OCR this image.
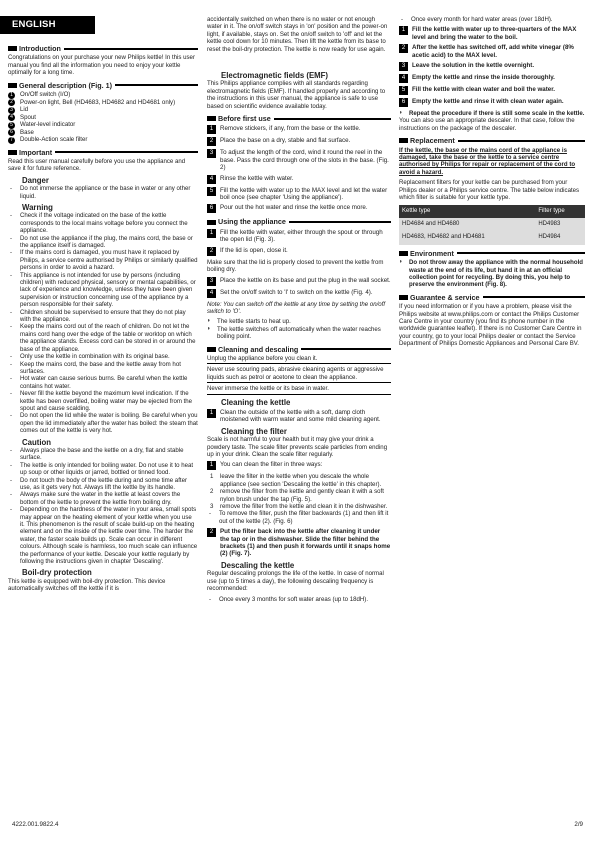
ENGLISH
Introduction

Congratulations on your purchase your new Philips kettle! In this user manual you find all the information you need to enjoy your kettle optimally for a long time.

General description (Fig. 1)
1	On/Off switch (I/O)
2	Power-on light, Bell (HD4683, HD4682 and HD4681 only)
3	Lid
4	Spout
5	Water-level indicator
6	Base
7	Double-Action scale filter
Important

Read this user manual carefully before you use the appliance and save it for future reference.

Danger
-	Do not immerse the appliance or the base in water or any other liquid.
Warning
-	Check if the voltage indicated on the base of the kettle corresponds to the local mains voltage before you connect the appliance.
-	Do not use the appliance if the plug, the mains cord, the base or the appliance itself is damaged.
-	If the mains cord is damaged, you must have it replaced by Philips, a service centre authorised by Philips or similarly qualified persons in order to avoid a hazard.
-	This appliance is not intended for use by persons (including children) with reduced physical, sensory or mental capabilities, or lack of experience and knowledge, unless they have been given supervision or instruction concerning use of the appliance by a person responsible for their safety.
-	Children should be supervised to ensure that they do not play with the appliance.
-	Keep the mains cord out of the reach of children. Do not let the mains cord hang over the edge of the table or worktop on which the appliance stands. Excess cord can be stored in or around the base of the appliance.
-	Only use the kettle in combination with its original base.
-	Keep the mains cord, the base and the kettle away from hot surfaces.
-	Hot water can cause serious burns. Be careful when the kettle contains hot water.
-	Never fill the kettle beyond the maximum level indication. If the kettle has been overfilled, boiling water may be ejected from the spout and cause scalding.
-	Do not open the lid while the water is boiling. Be careful when you open the lid immediately after the water has boiled: the steam that comes out of the kettle is very hot.
Caution
-	Always place the base and the kettle on a dry, flat and stable surface.
-	The kettle is only intended for boiling water. Do not use it to heat up soup or other liquids or jarred, bottled or tinned food.
-	Do not touch the body of the kettle during and some time after use, as it gets very hot. Always lift the kettle by its handle.
-	Always make sure the water in the kettle at least covers the bottom of the kettle to prevent the kettle from boiling dry.
-	Depending on the hardness of the water in your area, small spots may appear on the heating element of your kettle when you use it. This phenomenon is the result of scale build-up on the heating element and on the inside of the kettle over time. The harder the water, the faster scale builds up. Scale can occur in different colours. Although scale is harmless, too much scale can influence the performance of your kettle. Descale your kettle regularly by following the instructions given in chapter 'Descaling'.
Boil-dry protection

This kettle is equipped with boil-dry protection. This device automatically switches off the kettle if it is

accidentally switched on when there is no water or not enough water in it. The on/off switch stays in 'on' position and the power-on light, if available, stays on. Set the on/off switch to 'off' and let the kettle cool down for 10 minutes. Then lift the kettle from its base to reset the boil-dry protection. The kettle is now ready for use again.

Electromagnetic fields (EMF)

This Philips appliance complies with all standards regarding electromagnetic fields (EMF). If handled properly and according to the instructions in this user manual, the appliance is safe to use based on scientific evidence available today.

Before first use
1	Remove stickers, if any, from the base or the kettle.
2	Place the base on a dry, stable and flat surface.
3	To adjust the length of the cord, wind it round the reel in the base. Pass the cord through one of the slots in the base. (Fig. 2)
4	Rinse the kettle with water.
5	Fill the kettle with water up to the MAX level and let the water boil once (see chapter 'Using the appliance').
6	Pour out the hot water and rinse the kettle once more.
Using the appliance
1	Fill the kettle with water, either through the spout or through the open lid (Fig. 3).
2	If the lid is open, close it.

Make sure that the lid is properly closed to prevent the kettle from boiling dry.

3	Place the kettle on its base and put the plug in the wall socket.
4	Set the on/off switch to 'I' to switch on the kettle (Fig. 4).

Note: You can switch off the kettle at any time by setting the on/off switch to 'O'.

◗	The kettle starts to heat up.
◗	The kettle switches off automatically when the water reaches boiling point.
Cleaning and descaling
Unplug the appliance before you clean it.
Never use scouring pads, abrasive cleaning agents or aggressive liquids such as petrol or acetone to clean the appliance.
Never immerse the kettle or its base in water.
Cleaning the kettle
1	Clean the outside of the kettle with a soft, damp cloth moistened with warm water and some mild cleaning agent.
Cleaning the filter

Scale is not harmful to your health but it may give your drink a powdery taste. The scale filter prevents scale particles from ending up in your drink. Clean the scale filter regularly.

1	You can clean the filter in three ways:
1	leave the filter in the kettle when you descale the whole appliance (see section 'Descaling the kettle' in this chapter).
2	remove the filter from the kettle and gently clean it with a soft nylon brush under the tap (Fig. 5).
3	remove the filter from the kettle and clean it in the dishwasher.
-	To remove the filter, push the filter backwards (1) and then lift it out of the kettle (2). (Fig. 6)
2	Put the filter back into the kettle after cleaning it under the tap or in the dishwasher. Slide the filter behind the brackets (1) and then push it forwards until it snaps home (2) (Fig. 7).
Descaling the kettle

Regular descaling prolongs the life of the kettle. In case of normal use (up to 5 times a day), the following descaling frequency is recommended:

-	Once every 3 months for soft water areas (up to 18dH).
-	Once every month for hard water areas (over 18dH).
1	Fill the kettle with water up to three-quarters of the MAX level and bring the water to the boil.
2	After the kettle has switched off, add white vinegar (8% acetic acid) to the MAX level.
3	Leave the solution in the kettle overnight.
4	Empty the kettle and rinse the inside thoroughly.
5	Fill the kettle with clean water and boil the water.
6	Empty the kettle and rinse it with clean water again.
◗	Repeat the procedure if there is still some scale in the kettle.

You can also use an appropriate descaler. In that case, follow the instructions on the package of the descaler.

Replacement

If the kettle, the base or the mains cord of the appliance is damaged, take the base or the kettle to a service centre authorised by Philips for repair or replacement of the cord to avoid a hazard.

Replacement filters for your kettle can be purchased from your Philips dealer or a Philips service centre. The table below indicates which filter is suitable for your kettle type.

Kettle type	Filter type
HD4684 and HD4680	HD4983
HD4683, HD4682 and HD4681	HD4984
Environment
◗	Do not throw away the appliance with the normal household waste at the end of its life, but hand it in at an official collection point for recycling. By doing this, you help to preserve the environment (Fig. 8).
Guarantee & service

If you need information or if you have a problem, please visit the Philips website at www.philips.com or contact the Philips Customer Care Centre in your country (you find its phone number in the worldwide guarantee leaflet). If there is no Customer Care Centre in your country, go to your local Philips dealer or contact the Service Department of Philips Domestic Appliances and Personal Care BV.

4222.001.9822.4	2/9
